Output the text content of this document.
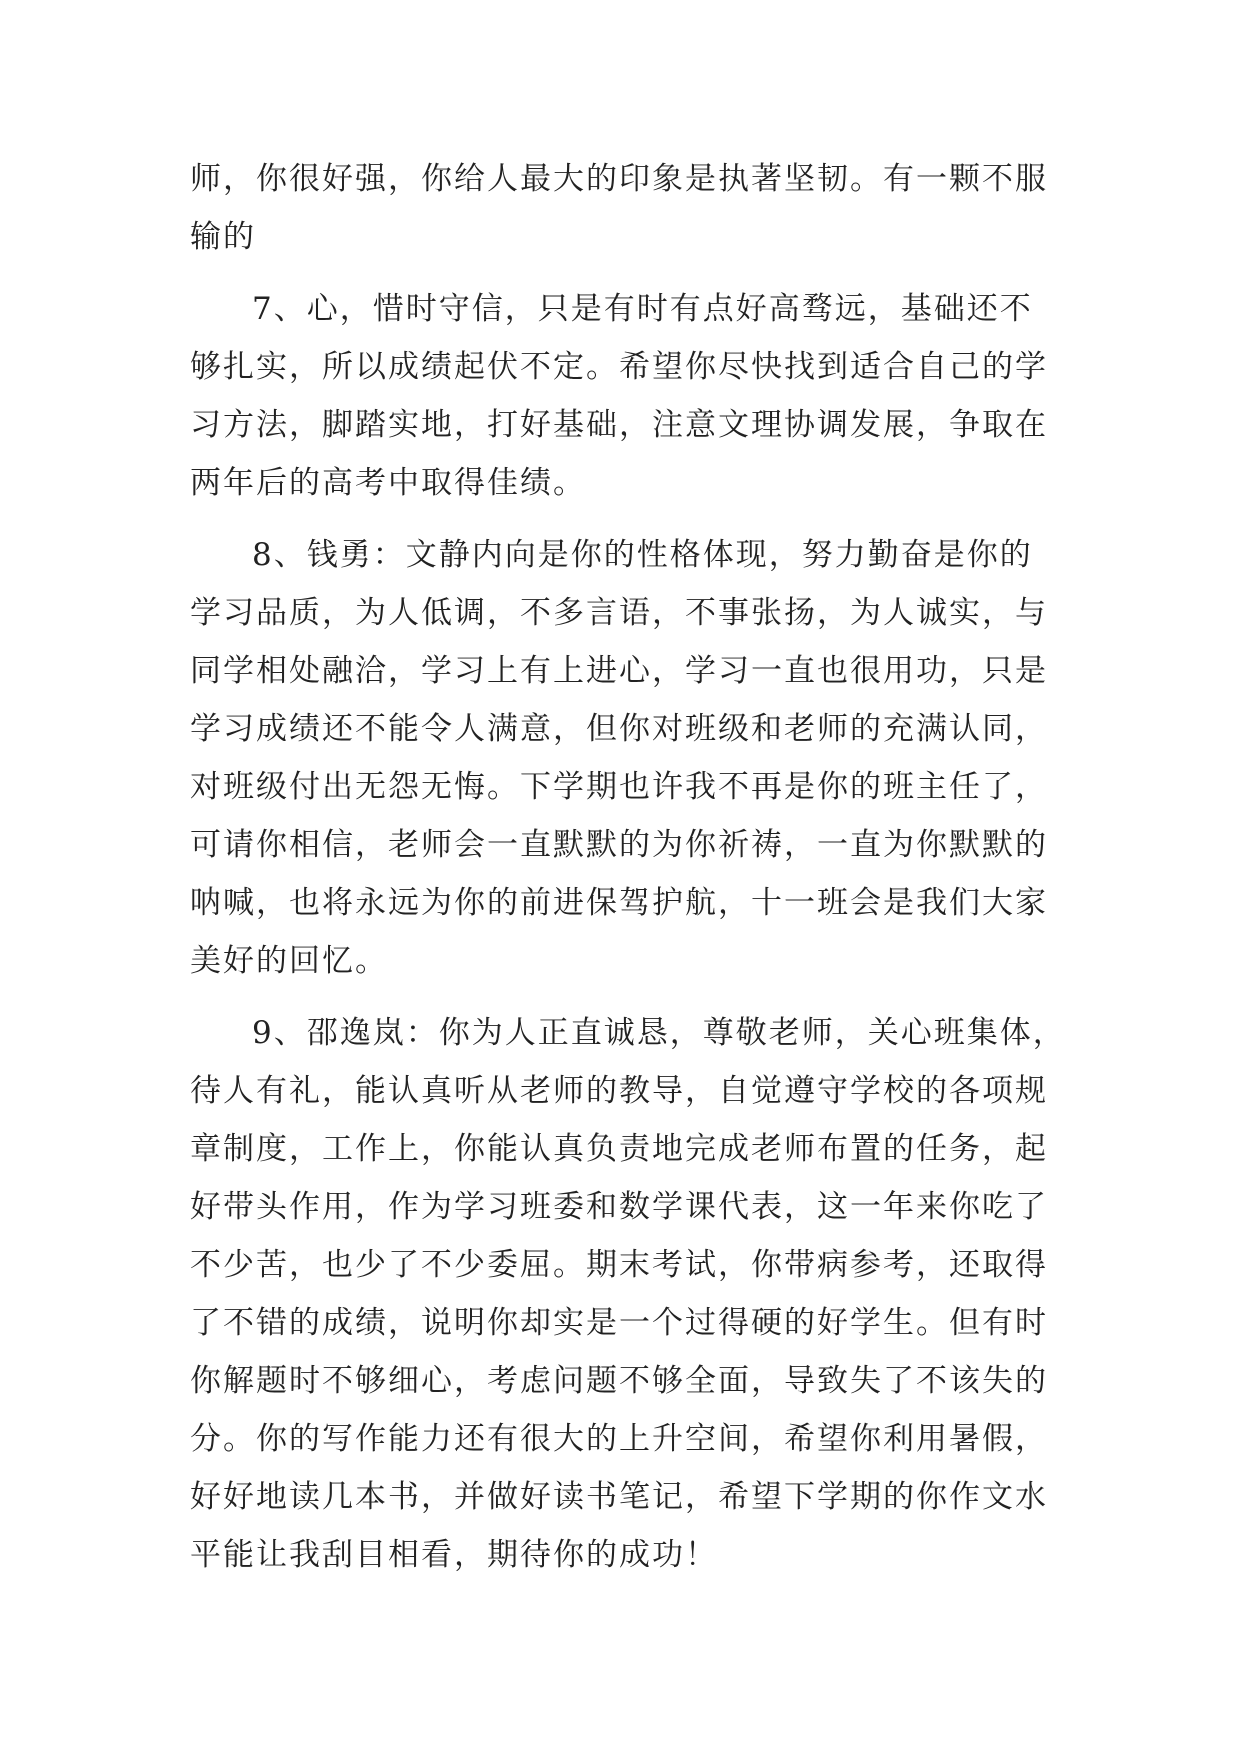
师，你很好强，你给人最大的印象是执著坚韧。有一颗不服
输的
7、心，惜时守信，只是有时有点好高骛远，基础还不
够扎实，所以成绩起伏不定。希望你尽快找到适合自己的学
习方法，脚踏实地，打好基础，注意文理协调发展，争取在
两年后的高考中取得佳绩。
8、钱勇：文静内向是你的性格体现，努力勤奋是你的
学习品质，为人低调，不多言语，不事张扬，为人诚实，与
同学相处融洽，学习上有上进心，学习一直也很用功，只是
学习成绩还不能令人满意，但你对班级和老师的充满认同，
对班级付出无怨无悔。下学期也许我不再是你的班主任了，
可请你相信，老师会一直默默的为你祈祷，一直为你默默的
呐喊，也将永远为你的前进保驾护航，十一班会是我们大家
美好的回忆。
9、邵逸岚：你为人正直诚恳，尊敬老师，关心班集体，
待人有礼，能认真听从老师的教导，自觉遵守学校的各项规
章制度，工作上，你能认真负责地完成老师布置的任务，起
好带头作用，作为学习班委和数学课代表，这一年来你吃了
不少苦，也少了不少委屈。期末考试，你带病参考，还取得
了不错的成绩，说明你却实是一个过得硬的好学生。但有时
你解题时不够细心，考虑问题不够全面，导致失了不该失的
分。你的写作能力还有很大的上升空间，希望你利用暑假，
好好地读几本书，并做好读书笔记，希望下学期的你作文水
平能让我刮目相看，期待你的成功！
